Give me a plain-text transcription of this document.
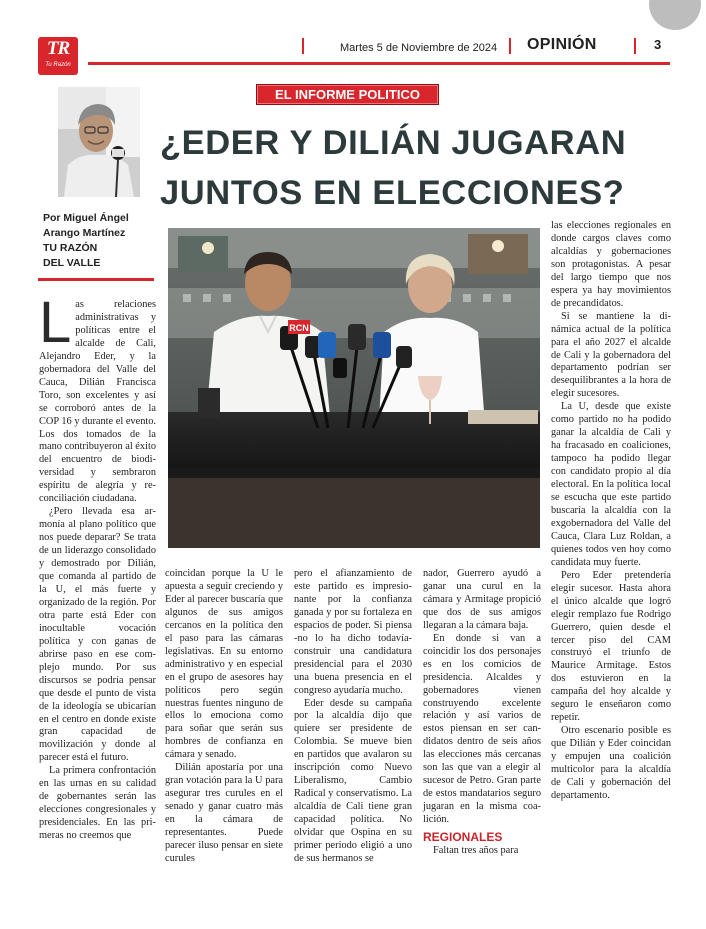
TR
Tu Razón
Martes 5 de Noviembre de 2024 OPINIÓN	3
EL INFORME POLITICO
¿EDER Y DILIÁN JUGARAN
JUNTOS EN ELECCIONES?
Por Miguel Ángel
Arango Martínez
TU RAZÓN
DEL VALLE
RCN

Las relaciones administrativas y políticas entre el alcalde de Cali, Alejandro Eder, y la gobernadora del Valle del Cauca, Dilián Francisca Toro, son excelentes y así se corroboró antes de la COP 16 y durante el evento. Los dos tomados de la mano contribuyeron al éxito del encuentro de biodiversidad y sembraron espíritu de alegría y reconciliación ciudadana.

¿Pero llevada esa armonía al plano político que nos puede deparar? Se trata de un liderazgo consolidado y demostrado por Dilián, que comanda al partido de la U, el más fuerte y organizado de la región. Por otra parte está Eder con inocultable vocación política y con ganas de abrirse paso en ese complejo mundo. Por sus discursos se podría pensar que desde el punto de vista de la ideología se ubicarían en el centro en donde existe gran capacidad de movilización y donde al parecer está el futuro.

La primera confrontación en las urnas en su calidad de gobernantes serán las elecciones congresionales y presidenciales. En las primeras no creemos que

coincidan porque la U le apuesta a seguir creciendo y Eder al parecer buscaría que algunos de sus amigos cercanos en la política den el paso para las cámaras legislativas. En su entorno administrativo y en especial en el grupo de asesores hay políticos pero según nuestras fuentes ninguno de ellos lo emociona como para soñar que serán sus hombres de confianza en cámara y senado.

Dilián apostaría por una gran votación para la U para asegurar tres curules en el senado y ganar cuatro más en la cámara de representantes. Puede parecer iluso pensar en siete curules

pero el afianzamiento de este partido es impresionante por la confianza ganada y por su fortaleza en espacios de poder. Si piensa -no lo ha dicho todavía- construir una candidatura presidencial para el 2030 una buena presencia en el congreso ayudaría mucho.

Eder desde su campaña por la alcaldía dijo que quiere ser presidente de Colombia. Se mueve bien en partidos que avalaron su inscripción como Nuevo Liberalismo, Cambio Radical y conservatismo. La alcaldía de Cali tiene gran capacidad política. No olvidar que Ospina en su primer periodo eligió a uno de sus hermanos se

nador, Guerrero ayudó a ganar una curul en la cámara y Armitage propició que dos de sus amigos llegaran a la cámara baja.

En donde si van a coincidir los dos personajes es en los comicios de presidencia. Alcaldes y gobernadores vienen construyendo excelente relación y así varios de estos piensan en ser candidatos dentro de seis años las elecciones más cercanas son las que van a elegir al sucesor de Petro. Gran parte de estos mandatarios seguro jugaran en la misma coalición.

REGIONALES

Faltan tres años para

las elecciones regionales en donde cargos claves como alcaldías y gobernaciones son protagonistas. A pesar del largo tiempo que nos espera ya hay movimientos de precandidatos.

Si se mantiene la dinámica actual de la política para el año 2027 el alcalde de Cali y la gobernadora del departamento podrían ser desequilibrantes a la hora de elegir sucesores.

La U, desde que existe como partido no ha podido ganar la alcaldía de Cali y ha fracasado en coaliciones, tampoco ha podido llegar con candidato propio al día electoral. En la política local se escucha que este partido buscaría la alcaldía con la exgobernadora del Valle del Cauca, Clara Luz Roldan, a quienes todos ven hoy como candidata muy fuerte.

Pero Eder pretendería elegir sucesor. Hasta ahora el único alcalde que logró elegir remplazo fue Rodrigo Guerrero, quien desde el tercer piso del CAM construyó el triunfo de Maurice Armitage. Estos dos estuvieron en la campaña del hoy alcalde y seguro le enseñaron como repetir.

Otro escenario posible es que Dilián y Eder coincidan y empujen una coalición multicolor para la alcaldía de Cali y gobernación del departamento.
